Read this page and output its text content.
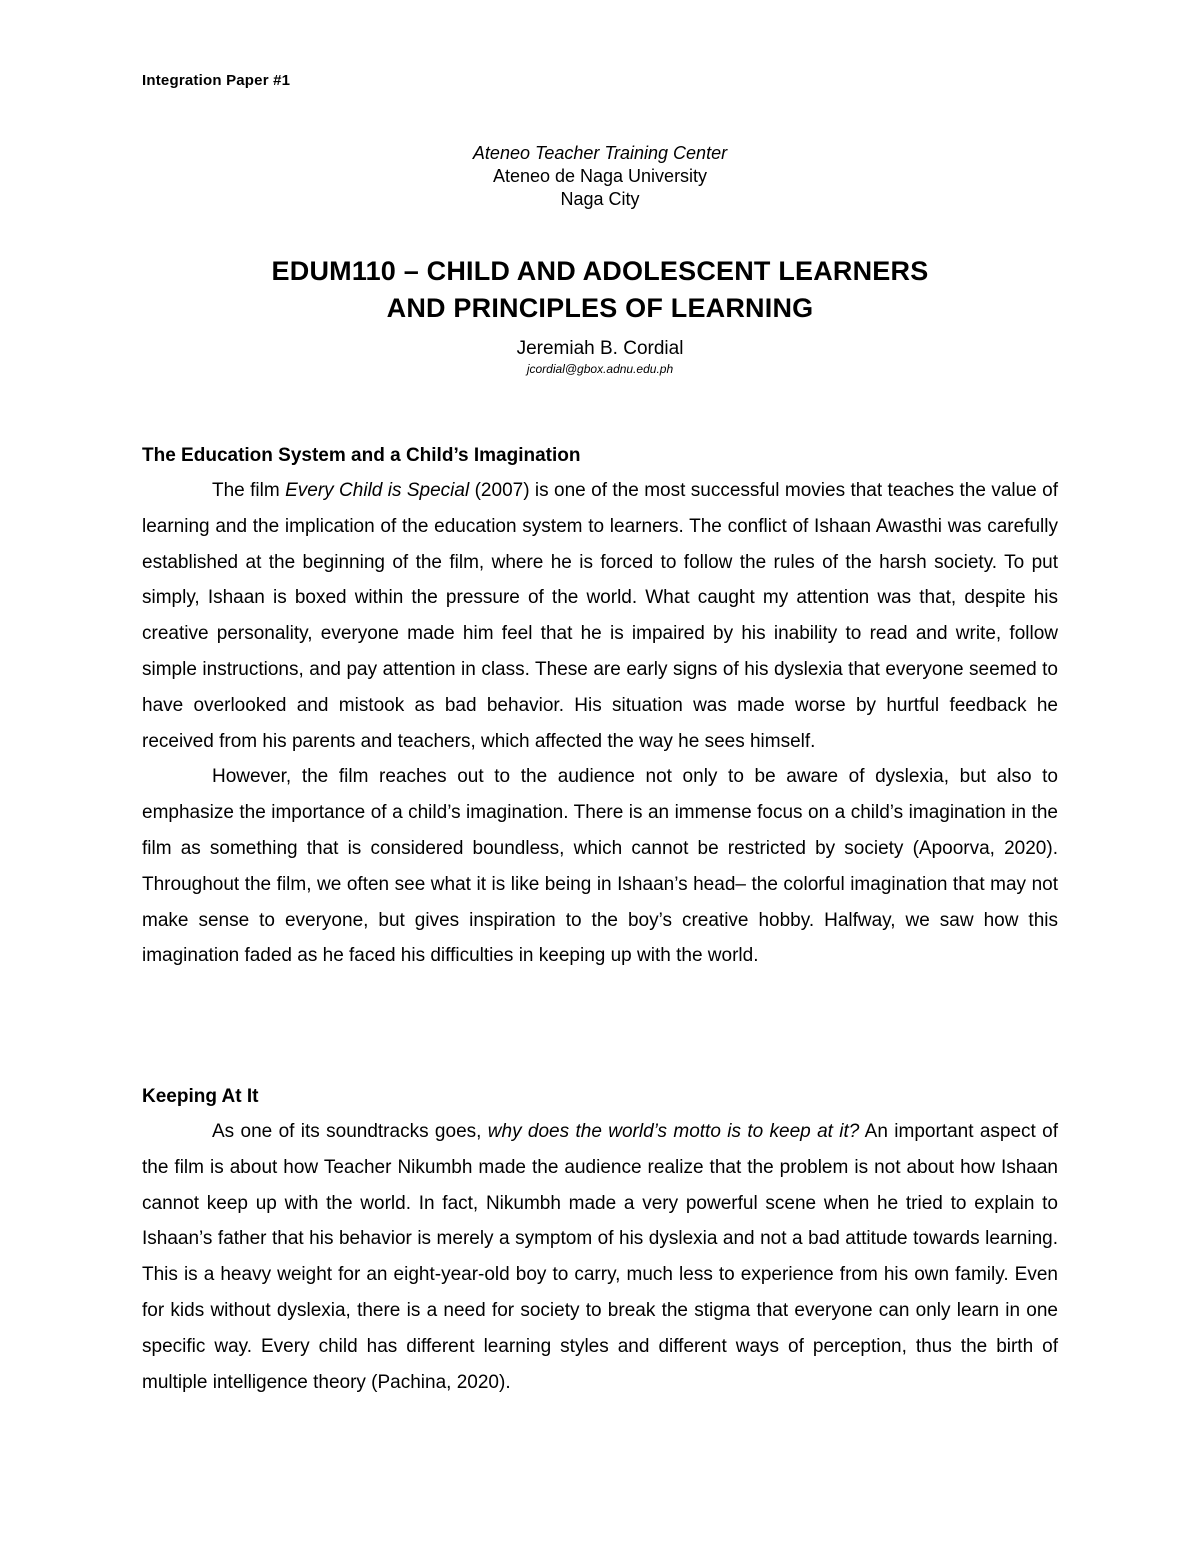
Integration Paper #1
Ateneo Teacher Training Center
Ateneo de Naga University
Naga City
EDUM110 – CHILD AND ADOLESCENT LEARNERS
AND PRINCIPLES OF LEARNING
Jeremiah B. Cordial
jcordial@gbox.adnu.edu.ph
The Education System and a Child’s Imagination

The film Every Child is Special (2007) is one of the most successful movies that teaches the value of learning and the implication of the education system to learners. The conflict of Ishaan Awasthi was carefully established at the beginning of the film, where he is forced to follow the rules of the harsh society. To put simply, Ishaan is boxed within the pressure of the world. What caught my attention was that, despite his creative personality, everyone made him feel that he is impaired by his inability to read and write, follow simple instructions, and pay attention in class. These are early signs of his dyslexia that everyone seemed to have overlooked and mistook as bad behavior. His situation was made worse by hurtful feedback he received from his parents and teachers, which affected the way he sees himself.

However, the film reaches out to the audience not only to be aware of dyslexia, but also to emphasize the importance of a child’s imagination. There is an immense focus on a child’s imagination in the film as something that is considered boundless, which cannot be restricted by society (Apoorva, 2020). Throughout the film, we often see what it is like being in Ishaan’s head– the colorful imagination that may not make sense to everyone, but gives inspiration to the boy’s creative hobby. Halfway, we saw how this imagination faded as he faced his difficulties in keeping up with the world.

Keeping At It

As one of its soundtracks goes, why does the world’s motto is to keep at it? An important aspect of the film is about how Teacher Nikumbh made the audience realize that the problem is not about how Ishaan cannot keep up with the world. In fact, Nikumbh made a very powerful scene when he tried to explain to Ishaan’s father that his behavior is merely a symptom of his dyslexia and not a bad attitude towards learning. This is a heavy weight for an eight-year-old boy to carry, much less to experience from his own family. Even for kids without dyslexia, there is a need for society to break the stigma that everyone can only learn in one specific way. Every child has different learning styles and different ways of perception, thus the birth of multiple intelligence theory (Pachina, 2020).
